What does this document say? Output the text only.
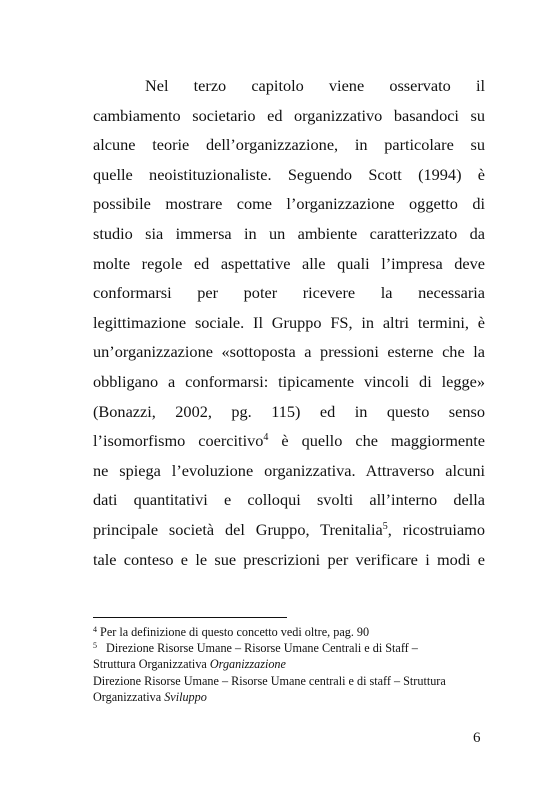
Nel terzo capitolo viene osservato il
cambiamento societario ed organizzativo basandoci su
alcune teorie dell’organizzazione, in particolare su
quelle neoistituzionaliste. Seguendo Scott (1994) è
possibile mostrare come l’organizzazione oggetto di
studio sia immersa in un ambiente caratterizzato da
molte regole ed aspettative alle quali l’impresa deve
conformarsi per poter ricevere la necessaria
legittimazione sociale. Il Gruppo FS, in altri termini, è
un’organizzazione «sottoposta a pressioni esterne che la
obbligano a conformarsi: tipicamente vincoli di legge»
(Bonazzi, 2002, pg. 115) ed in questo senso
l’isomorfismo coercitivo$^4$ è quello che maggiormente
ne spiega l’evoluzione organizzativa. Attraverso alcuni
dati quantitativi e colloqui svolti all’interno della
principale società del Gruppo, Trenitalia$^5$, ricostruiamo
tale conteso e le sue prescrizioni per verificare i modi e
$^4$ Per la definizione di questo concetto vedi oltre, pag. 90
$^5$ Direzione Risorse Umane – Risorse Umane Centrali e di Staff –
Struttura Organizzativa Organizzazione
Direzione Risorse Umane – Risorse Umane centrali e di staff – Struttura
Organizzativa Sviluppo
6
